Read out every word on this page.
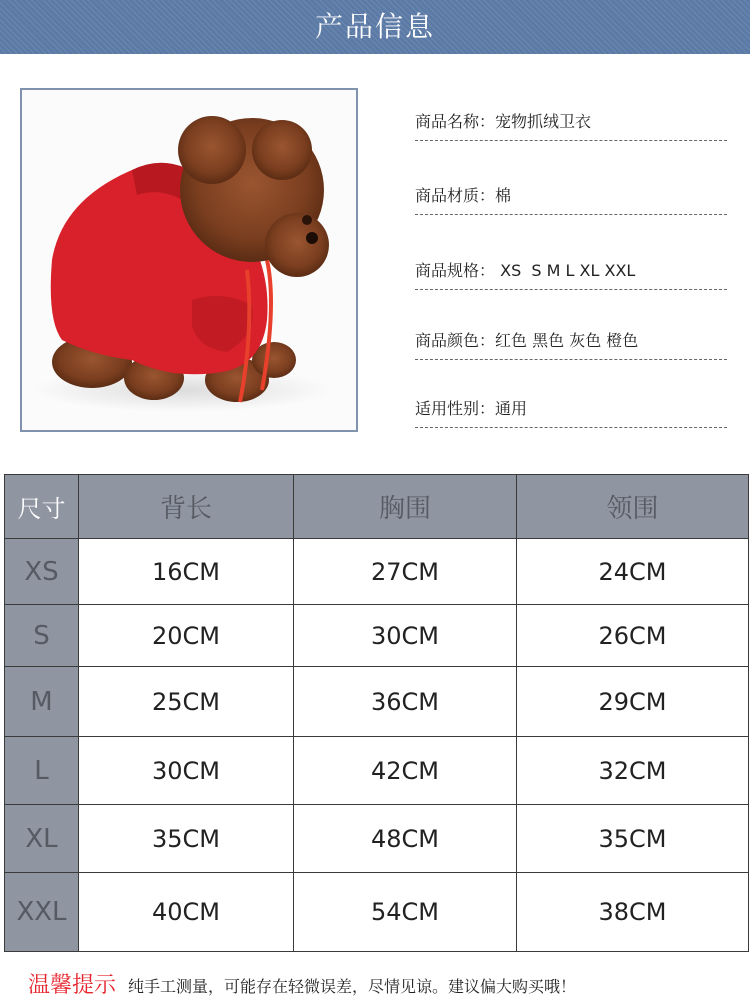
产品信息
商品名称：宠物抓绒卫衣
商品材质：棉
商品规格： XS  S M L XL XXL
商品颜色：红色 黑色 灰色 橙色
适用性别：通用
尺寸	背长	胸围	领围
XS	16CM	27CM	24CM
S	20CM	30CM	26CM
M	25CM	36CM	29CM
L	30CM	42CM	32CM
XL	35CM	48CM	35CM
XXL	40CM	54CM	38CM
温馨提示 纯手工测量，可能存在轻微误差，尽情见谅。建议偏大购买哦！
